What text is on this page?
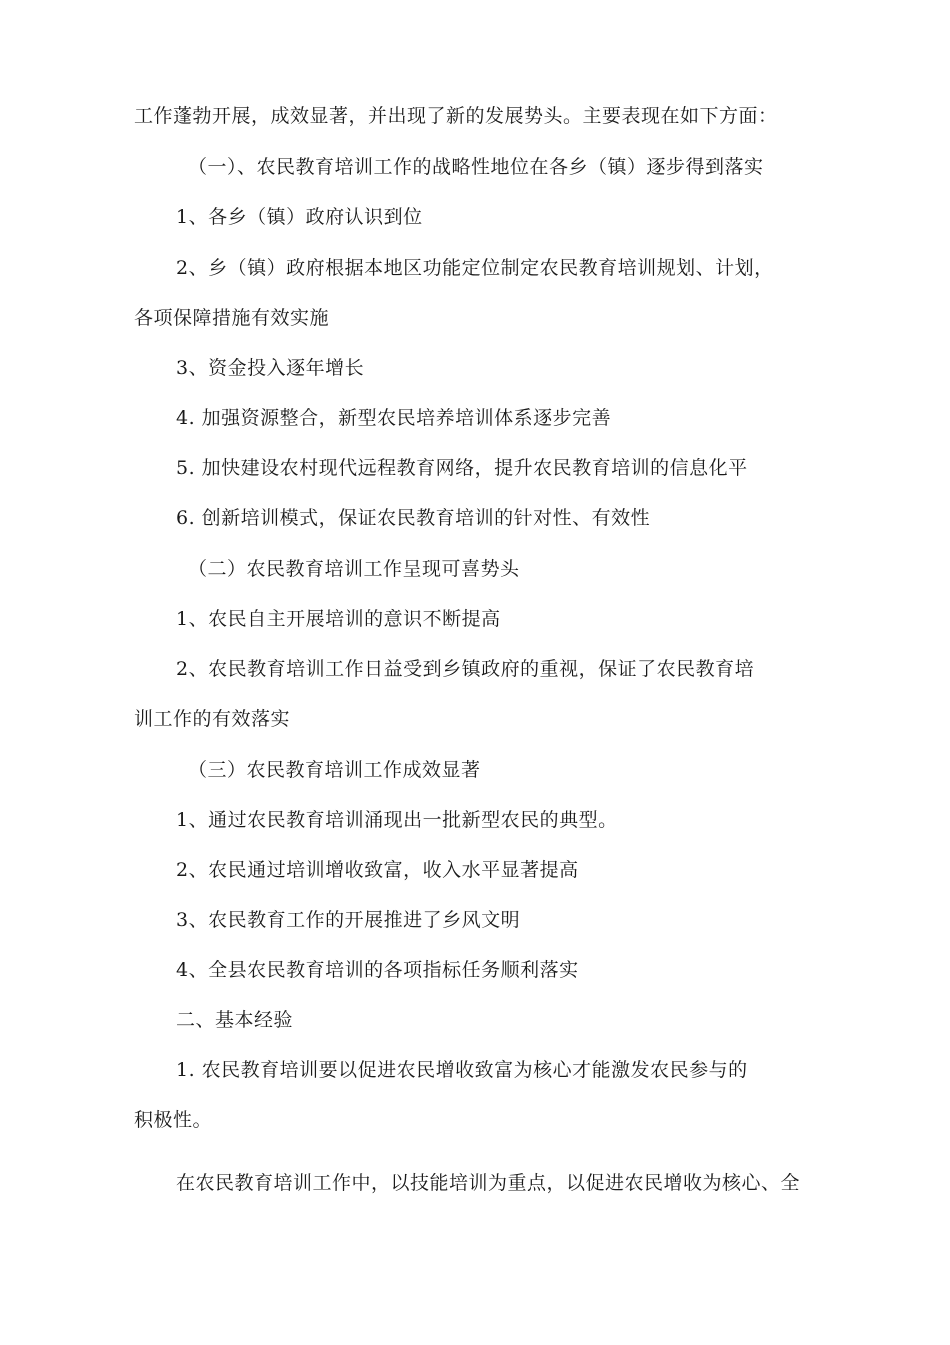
工作蓬勃开展，成效显著，并出现了新的发展势头。主要表现在如下方面：
（一）、农民教育培训工作的战略性地位在各乡（镇）逐步得到落实
1、各乡（镇）政府认识到位
2、乡（镇）政府根据本地区功能定位制定农民教育培训规划、计划，
各项保障措施有效实施
3、资金投入逐年增长
4. 加强资源整合，新型农民培养培训体系逐步完善
5. 加快建设农村现代远程教育网络，提升农民教育培训的信息化平
6. 创新培训模式，保证农民教育培训的针对性、有效性
（二）农民教育培训工作呈现可喜势头
1、农民自主开展培训的意识不断提高
2、农民教育培训工作日益受到乡镇政府的重视，保证了农民教育培
训工作的有效落实
（三）农民教育培训工作成效显著
1、通过农民教育培训涌现出一批新型农民的典型。
2、农民通过培训增收致富，收入水平显著提高
3、农民教育工作的开展推进了乡风文明
4、全县农民教育培训的各项指标任务顺利落实
二、基本经验
1. 农民教育培训要以促进农民增收致富为核心才能激发农民参与的
积极性。
在农民教育培训工作中，以技能培训为重点，以促进农民增收为核心、全
